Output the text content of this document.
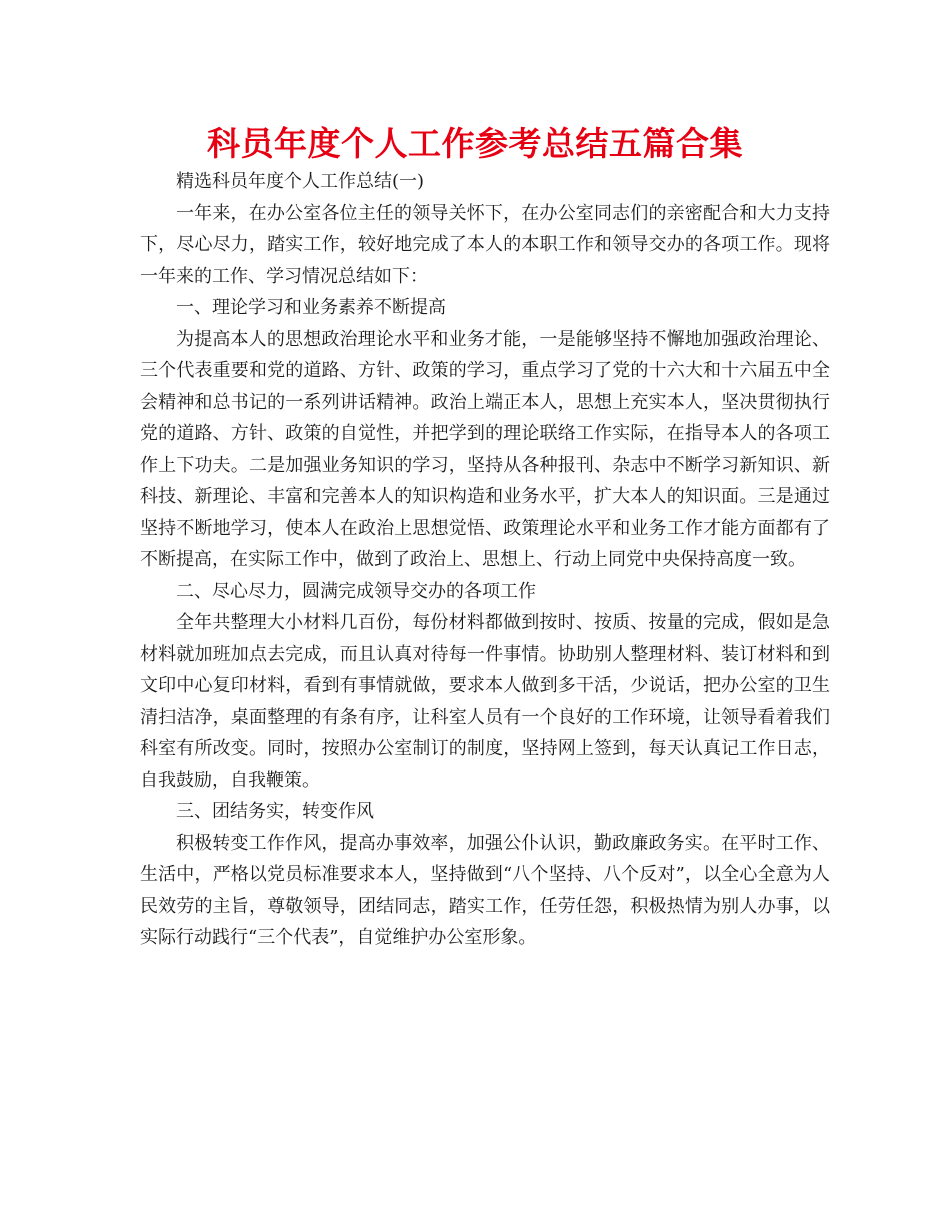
科员年度个人工作参考总结五篇合集

精选科员年度个人工作总结(一)

一年来，在办公室各位主任的领导关怀下，在办公室同志们的亲密配合和大力支持下，尽心尽力，踏实工作，较好地完成了本人的本职工作和领导交办的各项工作。现将一年来的工作、学习情况总结如下：

一、理论学习和业务素养不断提高

为提高本人的思想政治理论水平和业务才能，一是能够坚持不懈地加强政治理论、三个代表重要和党的道路、方针、政策的学习，重点学习了党的十六大和十六届五中全会精神和总书记的一系列讲话精神。政治上端正本人，思想上充实本人，坚决贯彻执行党的道路、方针、政策的自觉性，并把学到的理论联络工作实际，在指导本人的各项工作上下功夫。二是加强业务知识的学习，坚持从各种报刊、杂志中不断学习新知识、新科技、新理论、丰富和完善本人的知识构造和业务水平，扩大本人的知识面。三是通过坚持不断地学习，使本人在政治上思想觉悟、政策理论水平和业务工作才能方面都有了不断提高，在实际工作中，做到了政治上、思想上、行动上同党中央保持高度一致。

二、尽心尽力，圆满完成领导交办的各项工作

全年共整理大小材料几百份，每份材料都做到按时、按质、按量的完成，假如是急材料就加班加点去完成，而且认真对待每一件事情。协助别人整理材料、装订材料和到文印中心复印材料，看到有事情就做，要求本人做到多干活，少说话，把办公室的卫生清扫洁净，桌面整理的有条有序，让科室人员有一个良好的工作环境，让领导看着我们科室有所改变。同时，按照办公室制订的制度，坚持网上签到，每天认真记工作日志，自我鼓励，自我鞭策。

三、团结务实，转变作风

积极转变工作作风，提高办事效率，加强公仆认识，勤政廉政务实。在平时工作、生活中，严格以党员标准要求本人，坚持做到“八个坚持、八个反对”，以全心全意为人民效劳的主旨，尊敬领导，团结同志，踏实工作，任劳任怨，积极热情为别人办事，以实际行动践行“三个代表”，自觉维护办公室形象。
